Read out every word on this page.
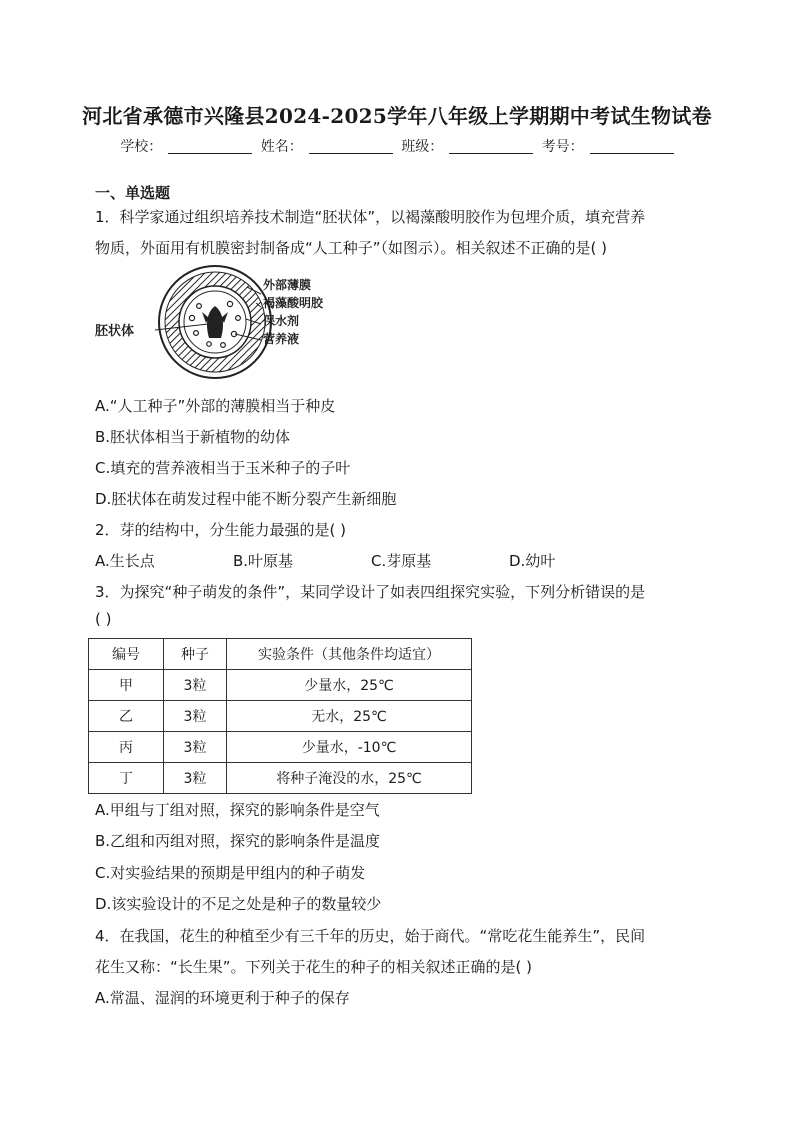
河北省承德市兴隆县2024-2025学年八年级上学期期中考试生物试卷
学校：	姓名：	班级：	考号：
一、单选题
1．科学家通过组织培养技术制造“胚状体”，以褐藻酸明胶作为包埋介质，填充营养
物质，外面用有机膜密封制备成“人工种子”（如图示）。相关叙述不正确的是( )
胚状体
外部薄膜
褐藻酸明胶
保水剂
营养液
A.“人工种子”外部的薄膜相当于种皮
B.胚状体相当于新植物的幼体
C.填充的营养液相当于玉米种子的子叶
D.胚状体在萌发过程中能不断分裂产生新细胞
2．芽的结构中，分生能力最强的是( )
A.生长点	B.叶原基	C.芽原基	D.幼叶
3．为探究“种子萌发的条件”，某同学设计了如表四组探究实验，下列分析错误的是
( )
编号	种子	实验条件（其他条件均适宜）
甲	3粒	少量水，25℃
乙	3粒	无水，25℃
丙	3粒	少量水，-10℃
丁	3粒	将种子淹没的水，25℃
A.甲组与丁组对照，探究的影响条件是空气
B.乙组和丙组对照，探究的影响条件是温度
C.对实验结果的预期是甲组内的种子萌发
D.该实验设计的不足之处是种子的数量较少
4．在我国，花生的种植至少有三千年的历史，始于商代。“常吃花生能养生”，民间
花生又称：“长生果”。下列关于花生的种子的相关叙述正确的是( )
A.常温、湿润的环境更利于种子的保存
